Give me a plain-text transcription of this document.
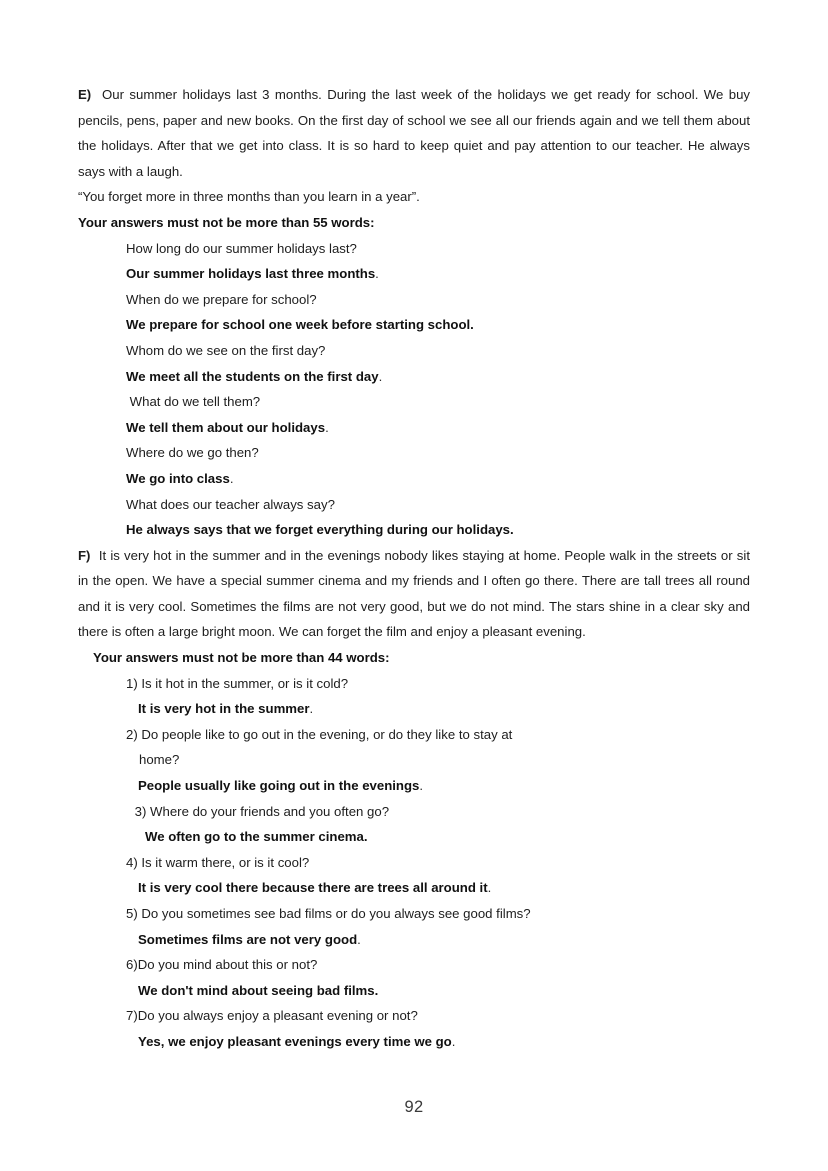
E) Our summer holidays last 3 months. During the last week of the holidays we get ready for school. We buy pencils, pens, paper and new books. On the first day of school we see all our friends again and we tell them about the holidays. After that we get into class. It is so hard to keep quiet and pay attention to our teacher. He always says with a laugh.

“You forget more in three months than you learn in a year”.
Your answers must not be more than 55 words:
How long do our summer holidays last?
Our summer holidays last three months.
When do we prepare for school?
We prepare for school one week before starting school.
Whom do we see on the first day?
We meet all the students on the first day.
What do we tell them?
We tell them about our holidays.
Where do we go then?
We go into class.
What does our teacher always say?
He always says that we forget everything during our holidays.

F) It is very hot in the summer and in the evenings nobody likes staying at home. People walk in the streets or sit in the open. We have a special summer cinema and my friends and I often go there. There are tall trees all round and it is very cool. Sometimes the films are not very good, but we do not mind. The stars shine in a clear sky and there is often a large bright moon. We can forget the film and enjoy a pleasant evening.

Your answers must not be more than 44 words:
1) Is it hot in the summer, or is it cold?
It is very hot in the summer.
2) Do people like to go out in the evening, or do they like to stay at
home?
People usually like going out in the evenings.
3) Where do your friends and you often go?
We often go to the summer cinema.
4) Is it warm there, or is it cool?
It is very cool there because there are trees all around it.
5) Do you sometimes see bad films or do you always see good films?
Sometimes films are not very good.
6)Do you mind about this or not?
We don't mind about seeing bad films.
7)Do you always enjoy a pleasant evening or not?
Yes, we enjoy pleasant evenings every time we go.
92
